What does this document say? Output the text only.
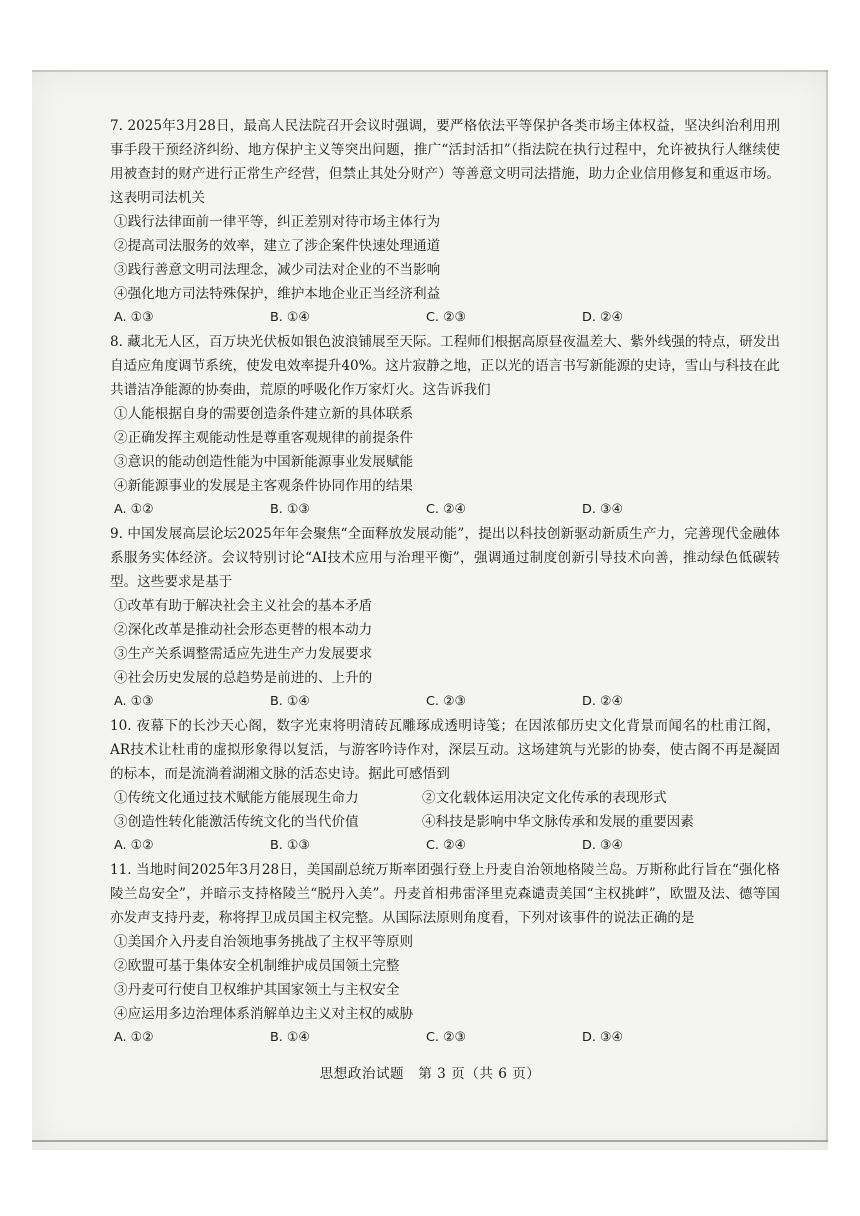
7. 2025年3月28日，最高人民法院召开会议时强调，要严格依法平等保护各类市场主体权益，坚决纠治利用刑事手段干预经济纠纷、地方保护主义等突出问题，推广“活封活扣”（指法院在执行过程中，允许被执行人继续使用被查封的财产进行正常生产经营，但禁止其处分财产）等善意文明司法措施，助力企业信用修复和重返市场。这表明司法机关
①践行法律面前一律平等，纠正差别对待市场主体行为
②提高司法服务的效率，建立了涉企案件快速处理通道
③践行善意文明司法理念，减少司法对企业的不当影响
④强化地方司法特殊保护，维护本地企业正当经济利益
A. ①③	B. ①④	C. ②③	D. ②④
8. 藏北无人区，百万块光伏板如银色波浪铺展至天际。工程师们根据高原昼夜温差大、紫外线强的特点，研发出自适应角度调节系统，使发电效率提升40%。这片寂静之地，正以光的语言书写新能源的史诗，雪山与科技在此共谱洁净能源的协奏曲，荒原的呼吸化作万家灯火。这告诉我们
①人能根据自身的需要创造条件建立新的具体联系
②正确发挥主观能动性是尊重客观规律的前提条件
③意识的能动创造性能为中国新能源事业发展赋能
④新能源事业的发展是主客观条件协同作用的结果
A. ①②	B. ①③	C. ②④	D. ③④
9. 中国发展高层论坛2025年年会聚焦“全面释放发展动能”，提出以科技创新驱动新质生产力，完善现代金融体系服务实体经济。会议特别讨论“AI技术应用与治理平衡”，强调通过制度创新引导技术向善，推动绿色低碳转型。这些要求是基于
①改革有助于解决社会主义社会的基本矛盾
②深化改革是推动社会形态更替的根本动力
③生产关系调整需适应先进生产力发展要求
④社会历史发展的总趋势是前进的、上升的
A. ①③	B. ①④	C. ②③	D. ②④
10. 夜幕下的长沙天心阁，数字光束将明清砖瓦雕琢成透明诗笺；在因浓郁历史文化背景而闻名的杜甫江阁，AR技术让杜甫的虚拟形象得以复活，与游客吟诗作对，深层互动。这场建筑与光影的协奏，使古阁不再是凝固的标本，而是流淌着湖湘文脉的活态史诗。据此可感悟到
①传统文化通过技术赋能方能展现生命力	②文化载体运用决定文化传承的表现形式
③创造性转化能激活传统文化的当代价值	④科技是影响中华文脉传承和发展的重要因素
A. ①②	B. ①③	C. ②④	D. ③④
11. 当地时间2025年3月28日，美国副总统万斯率团强行登上丹麦自治领地格陵兰岛。万斯称此行旨在“强化格陵兰岛安全”，并暗示支持格陵兰“脱丹入美”。丹麦首相弗雷泽里克森谴责美国“主权挑衅”，欧盟及法、德等国亦发声支持丹麦，称将捍卫成员国主权完整。从国际法原则角度看，下列对该事件的说法正确的是
①美国介入丹麦自治领地事务挑战了主权平等原则
②欧盟可基于集体安全机制维护成员国领土完整
③丹麦可行使自卫权维护其国家领土与主权安全
④应运用多边治理体系消解单边主义对主权的威胁
A. ①②	B. ①④	C. ②③	D. ③④
思想政治试题　第 3 页（共 6 页）
